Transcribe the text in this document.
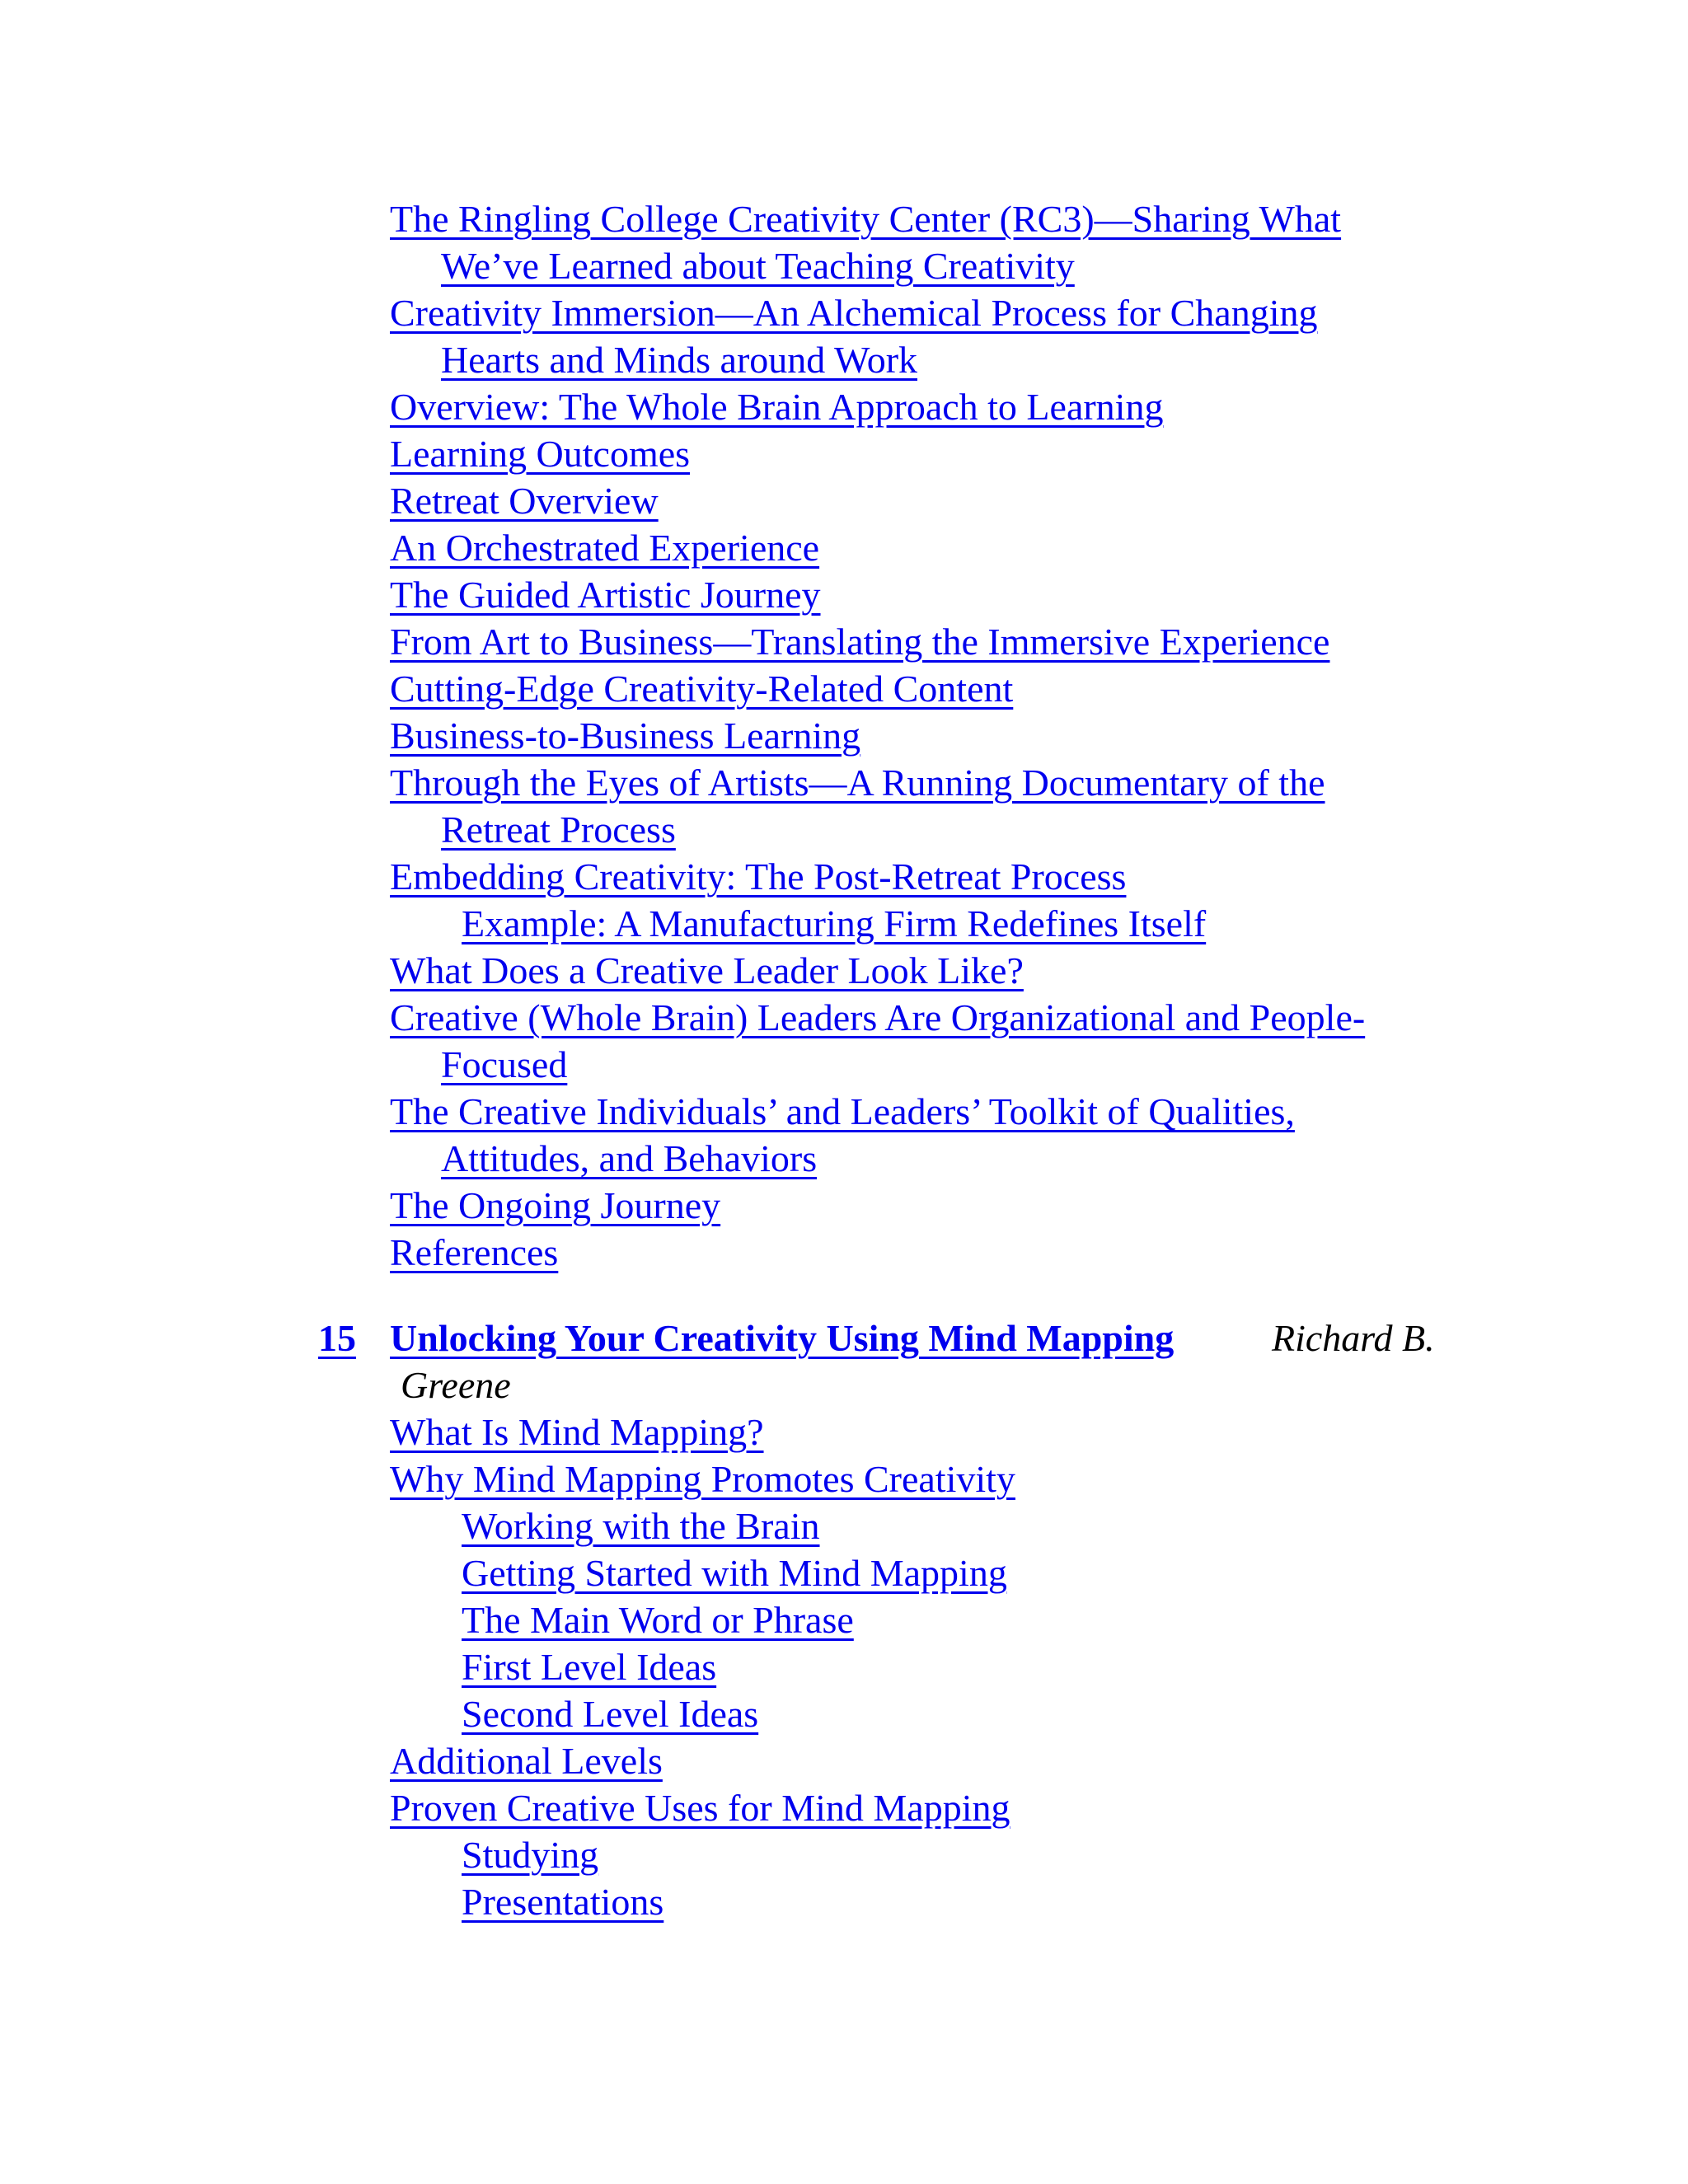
The Ringling College Creativity Center (RC3)—Sharing What
We’ve Learned about Teaching Creativity
Creativity Immersion—An Alchemical Process for Changing
Hearts and Minds around Work
Overview: The Whole Brain Approach to Learning
Learning Outcomes
Retreat Overview
An Orchestrated Experience
The Guided Artistic Journey
From Art to Business—Translating the Immersive Experience
Cutting-Edge Creativity-Related Content
Business-to-Business Learning
Through the Eyes of Artists—A Running Documentary of the
Retreat Process
Embedding Creativity: The Post-Retreat Process
Example: A Manufacturing Firm Redefines Itself
What Does a Creative Leader Look Like?
Creative (Whole Brain) Leaders Are Organizational and People-
Focused
The Creative Individuals’ and Leaders’ Toolkit of Qualities,
Attitudes, and Behaviors
The Ongoing Journey
References
15 Unlocking Your Creativity Using Mind Mapping	Richard B.
Greene
What Is Mind Mapping?
Why Mind Mapping Promotes Creativity
Working with the Brain
Getting Started with Mind Mapping
The Main Word or Phrase
First Level Ideas
Second Level Ideas
Additional Levels
Proven Creative Uses for Mind Mapping
Studying
Presentations
